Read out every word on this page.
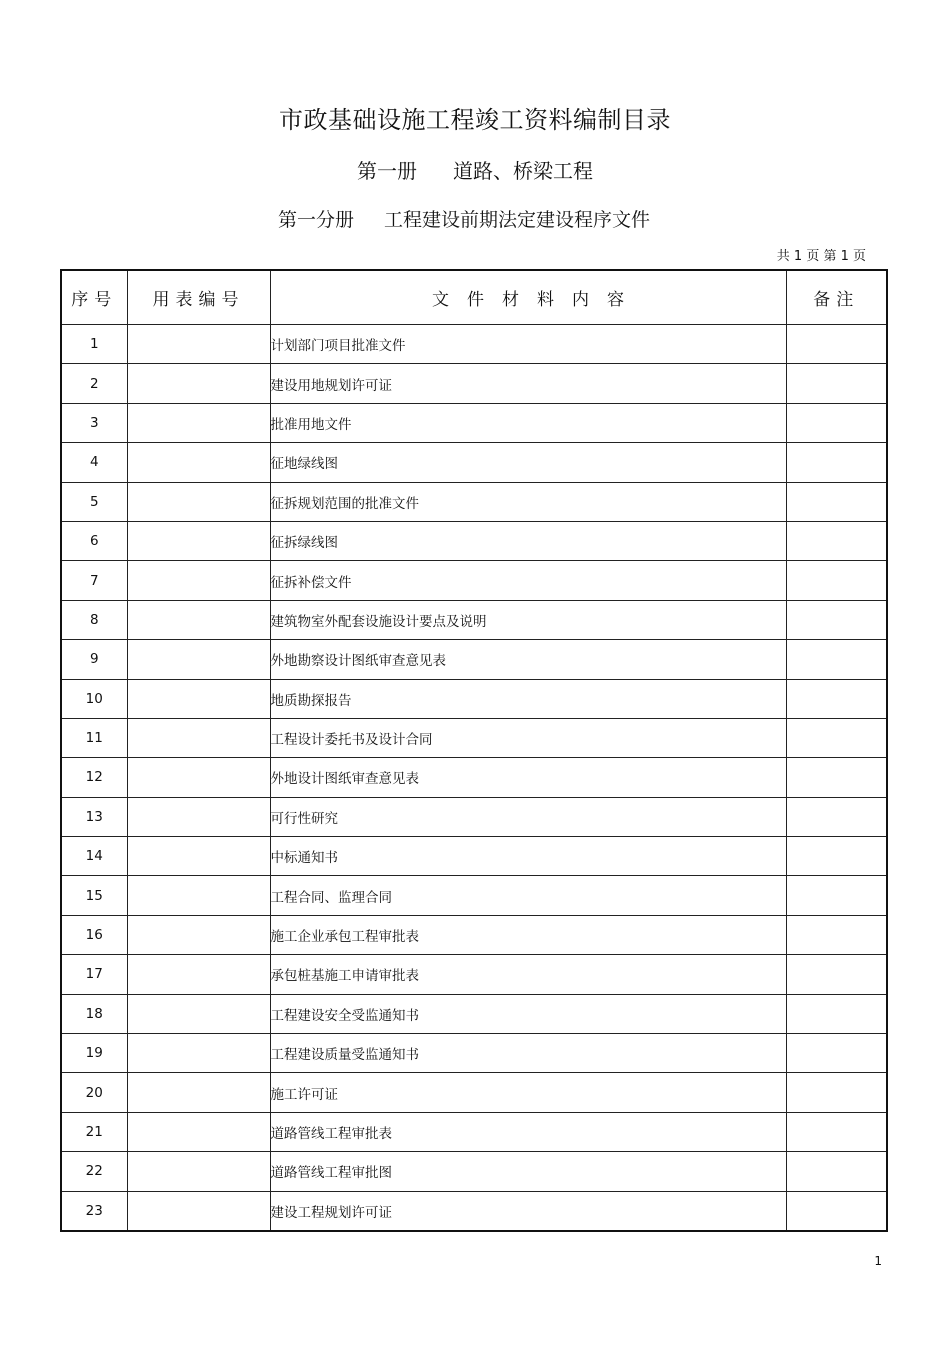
市政基础设施工程竣工资料编制目录
第一册 道路、桥梁工程
第一分册 工程建设前期法定建设程序文件
共 1 页 第 1 页
序号	用表编号	文件材料内容	备注
1		计划部门项目批准文件	
2		建设用地规划许可证	
3		批准用地文件	
4		征地绿线图	
5		征拆规划范围的批准文件	
6		征拆绿线图	
7		征拆补偿文件	
8		建筑物室外配套设施设计要点及说明	
9		外地勘察设计图纸审查意见表	
10		地质勘探报告	
11		工程设计委托书及设计合同	
12		外地设计图纸审查意见表	
13		可行性研究	
14		中标通知书	
15		工程合同、监理合同	
16		施工企业承包工程审批表	
17		承包桩基施工申请审批表	
18		工程建设安全受监通知书	
19		工程建设质量受监通知书	
20		施工许可证	
21		道路管线工程审批表	
22		道路管线工程审批图	
23		建设工程规划许可证	
1
